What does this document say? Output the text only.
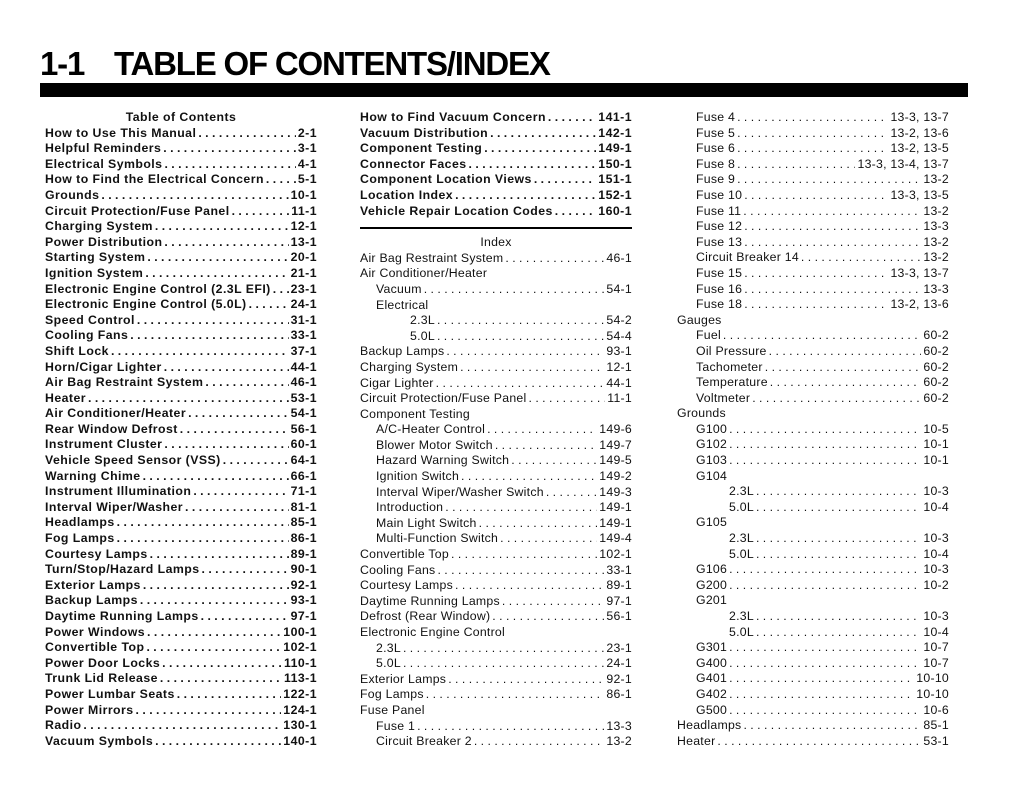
1-1 TABLE OF CONTENTS/INDEX
Table of Contents
How to Use This Manual . . .	2-1
Helpful Reminders . . .	3-1
Electrical Symbols . . .	4-1
How to Find the Electrical Concern . . .	5-1
Grounds . . .	10-1
Circuit Protection/Fuse Panel . . .	11-1
Charging System . . .	12-1
Power Distribution . . .	13-1
Starting System . . .	20-1
Ignition System . . .	21-1
Electronic Engine Control (2.3L EFI) . . . 23-1
Electronic Engine Control (5.0L) . . .	24-1
Speed Control . . .	31-1
Cooling Fans . . .	33-1
Shift Lock . . .	37-1
Horn/Cigar Lighter . . .	44-1
Air Bag Restraint System . . .	46-1
Heater . . .	53-1
Air Conditioner/Heater . . .	54-1
Rear Window Defrost . . .	56-1
Instrument Cluster . . .	60-1
Vehicle Speed Sensor (VSS) . . .	64-1
Warning Chime . . .	66-1
Instrument Illumination . . .	71-1
Interval Wiper/Washer . . .	81-1
Headlamps . . .	85-1
Fog Lamps . . .	86-1
Courtesy Lamps . . .	89-1
Turn/Stop/Hazard Lamps . . .	90-1
Exterior Lamps . . .	92-1
Backup Lamps . . .	93-1
Daytime Running Lamps . . .	97-1
Power Windows . . .	100-1
Convertible Top . . .	102-1
Power Door Locks . . .	110-1
Trunk Lid Release . . .	113-1
Power Lumbar Seats . . .	122-1
Power Mirrors . . .	124-1
Radio . . .	130-1
Vacuum Symbols . . .	140-1
How to Find Vacuum Concern . . .	141-1
Vacuum Distribution . . .	142-1
Component Testing . . .	149-1
Connector Faces . . .	150-1
Component Location Views . . .	151-1
Location Index . . .	152-1
Vehicle Repair Location Codes . . .	160-1
Index
Air Bag Restraint System . . .	46-1
Air Conditioner/Heater
Vacuum . . .	54-1
Electrical
2.3L . . .	54-2
5.0L . . .	54-4
Backup Lamps . . .	93-1
Charging System . . .	12-1
Cigar Lighter . . .	44-1
Circuit Protection/Fuse Panel . . .	11-1
Component Testing
A/C-Heater Control . . .	149-6
Blower Motor Switch . . .	149-7
Hazard Warning Switch . . .	149-5
Ignition Switch . . .	149-2
Interval Wiper/Washer Switch . . .	149-3
Introduction . . .	149-1
Main Light Switch . . .	149-1
Multi-Function Switch . . .	149-4
Convertible Top . . .	102-1
Cooling Fans . . .	33-1
Courtesy Lamps . . .	89-1
Daytime Running Lamps . . .	97-1
Defrost (Rear Window) . . .	56-1
Electronic Engine Control
2.3L . . .	23-1
5.0L . . .	24-1
Exterior Lamps . . .	92-1
Fog Lamps . . .	86-1
Fuse Panel
Fuse 1 . . .	13-3
Circuit Breaker 2 . . .	13-2
Fuse 4 . . .	13-3, 13-7
Fuse 5 . . .	13-2, 13-6
Fuse 6 . . .	13-2, 13-5
Fuse 8 . . .	13-3, 13-4, 13-7
Fuse 9 . . .	13-2
Fuse 10 . . .	13-3, 13-5
Fuse 11 . . .	13-2
Fuse 12 . . .	13-3
Fuse 13 . . .	13-2
Circuit Breaker 14 . . .	13-2
Fuse 15 . . .	13-3, 13-7
Fuse 16 . . .	13-3
Fuse 18 . . .	13-2, 13-6
Gauges
Fuel . . .	60-2
Oil Pressure . . .	60-2
Tachometer . . .	60-2
Temperature . . .	60-2
Voltmeter . . .	60-2
Grounds
G100 . . .	10-5
G102 . . .	10-1
G103 . . .	10-1
G104
2.3L . . .	10-3
5.0L . . .	10-4
G105
2.3L . . .	10-3
5.0L . . .	10-4
G106 . . .	10-3
G200 . . .	10-2
G201
2.3L . . .	10-3
5.0L . . .	10-4
G301 . . .	10-7
G400 . . .	10-7
G401 . . .	10-10
G402 . . .	10-10
G500 . . .	10-6
Headlamps . . .	85-1
Heater . . .	53-1
